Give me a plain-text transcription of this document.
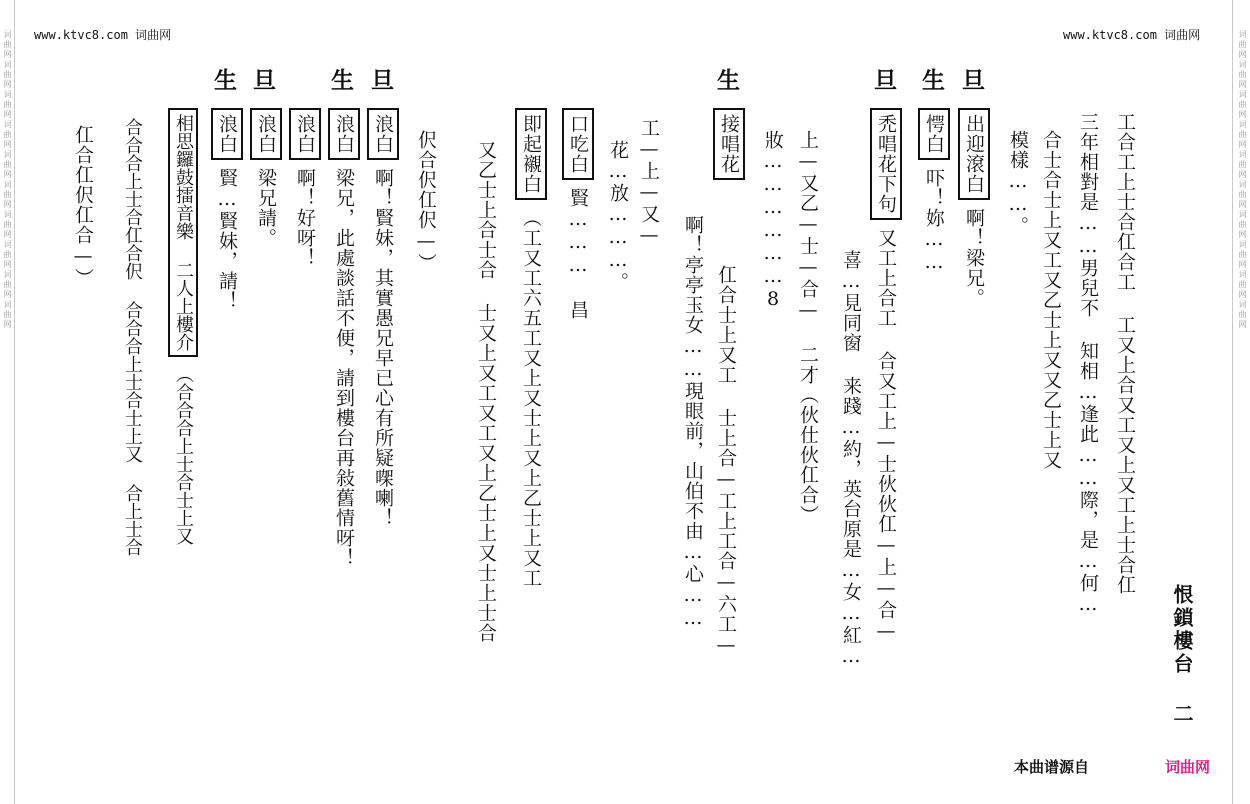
词曲网词曲网词曲网词曲网词曲网词曲网词曲网词曲网词曲网词曲网	词曲网词曲网词曲网词曲网词曲网词曲网词曲网词曲网词曲网词曲网
www.ktvc8.com 词曲网	www.ktvc8.com 词曲网
旦
生
旦
生
旦
生
旦
生
工合工上士合仜合工 工又上合又工又上又工上士合仜
三年相對是……男兒不 知相…逢此……際，是…何…
合士合士上又工又乙士上又又乙士上又
模樣……。
出迎滾白啊！梁兄。
愕白吓！妳……
禿唱花下句又工上合工 合又工上—士伙伙仜—上—合—
喜…見同窗 来踐…約，英台原是…女…紅…
上—又乙—士—合— 二才（伙仕伙仜合）
妝………………8
接唱花
仜合士上又工 士上合—工上工合—六工—
啊！亭亭玉女……現眼前，山伯不由…心……
工—上—又—
花…放………。
口吃白賢……… 昌
即起襯白（工又工六五工又上又士上又上乙士上又工
又乙士上合士合 士又上又工又工又上乙士上又士上士合
伬合伬仜伬—）
浪白啊！賢妹，其實愚兄早已心有所疑㗎喇！
浪白梁兄，此處談話不便，請到樓台再敍舊情呀！
浪白啊！好呀！
浪白梁兄請。
浪白賢…賢妹，請！
相思鑼鼓擂音樂 二人上樓介（合合合上士合士上又
合合合上士合仜合伬 合合合上士合士上又 合上士合
仜合仜伬仜合—）
恨鎖樓台 二
本曲谱源自	词曲网
